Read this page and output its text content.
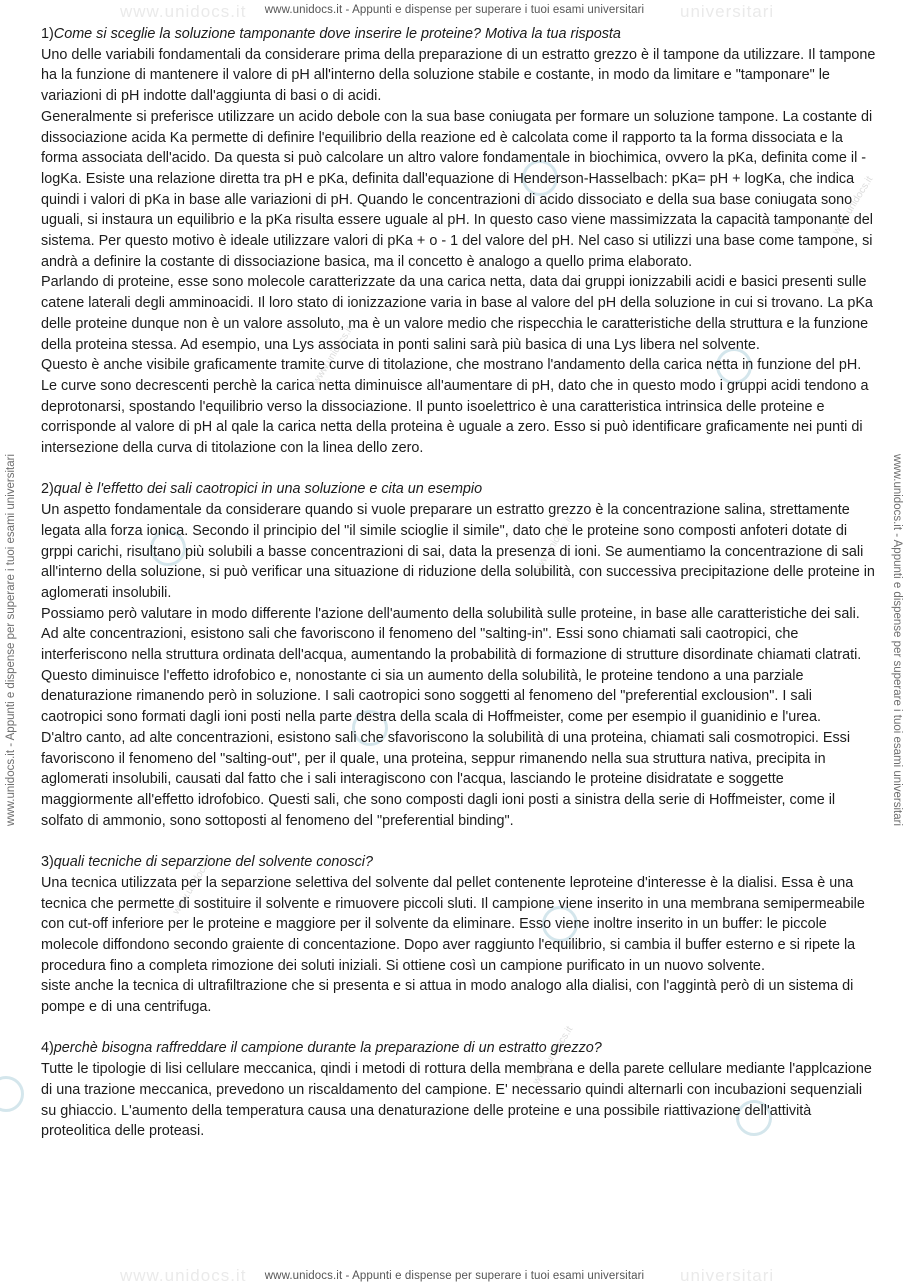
www.unidocs.it	universitari
www.unidocs.it	universitari
www.unidocs.it
www.unidocs.it
www.unidocs.it
www.unidocs.it
www.unidocs.it
www.unidocs.it - Appunti e dispense per superare i tuoi esami universitari
www.unidocs.it - Appunti e dispense per superare i tuoi esami universitari
www.unidocs.it - Appunti e dispense per superare i tuoi esami universitari	www.unidocs.it - Appunti e dispense per superare i tuoi esami universitari

1)Come si sceglie la soluzione tamponante dove inserire le proteine? Motiva la tua risposta

Uno delle variabili fondamentali da considerare prima della preparazione di un estratto grezzo è il tampone da utilizzare. Il tampone ha la funzione di mantenere il valore di pH all'interno della soluzione stabile e costante, in modo da limitare e "tamponare" le variazioni di pH indotte dall'aggiunta di basi o di acidi.

Generalmente si preferisce utilizzare un acido debole con la sua base coniugata per formare un soluzione tampone. La costante di dissociazione acida Ka permette di definire l'equilibrio della reazione ed è calcolata come il rapporto ta la forma dissociata e la forma associata dell'acido. Da questa si può calcolare un altro valore fondamentale in biochimica, ovvero la pKa, definita come il -logKa. Esiste una relazione diretta tra pH e pKa, definita dall'equazione di Henderson-Hasselbach: pKa= pH + logKa, che indica quindi i valori di pKa in base alle variazioni di pH. Quando le concentrazioni di acido dissociato e della sua base coniugata sono uguali, si instaura un equilibrio e la pKa risulta essere uguale al pH. In questo caso viene massimizzata la capacità tamponante del sistema. Per questo motivo è ideale utilizzare valori di pKa + o - 1 del valore del pH. Nel caso si utilizzi una base come tampone, si andrà a definire la costante di dissociazione basica, ma il concetto è analogo a quello prima elaborato.

Parlando di proteine, esse sono molecole caratterizzate da una carica netta, data dai gruppi ionizzabili acidi e basici presenti sulle catene laterali degli amminoacidi. Il loro stato di ionizzazione varia in base al valore del pH della soluzione in cui si trovano. La pKa delle proteine dunque non è un valore assoluto, ma è un valore medio che rispecchia le caratteristiche della struttura e la funzione della proteina stessa. Ad esempio, una Lys associata in ponti salini sarà più basica di una Lys libera nel solvente.

Questo è anche visibile graficamente tramite curve di titolazione, che mostrano l'andamento della carica netta in funzione del pH. Le curve sono decrescenti perchè la carica netta diminuisce all'aumentare di pH, dato che in questo modo i gruppi acidi tendono a deprotonarsi, spostando l'equilibrio verso la dissociazione. Il punto isoelettrico è una caratteristica intrinsica delle proteine e corrisponde al valore di pH al qale la carica netta della proteina è uguale a zero. Esso si può identificare graficamente nei punti di intersezione della curva di titolazione con la linea dello zero.

2)qual è l'effetto dei sali caotropici in una soluzione e cita un esempio

Un aspetto fondamentale da considerare quando si vuole preparare un estratto grezzo è la concentrazione salina, strettamente legata alla forza ionica. Secondo il principio del "il simile scioglie il simile", dato che le proteine sono composti anfoteri dotate di grppi carichi, risultano più solubili a basse concentrazioni di sai, data la presenza di ioni. Se aumentiamo la concentrazione di sali all'interno della soluzione, si può verificar una situazione di riduzione della solubilità, con successiva precipitazione delle proteine in aglomerati insolubili.

Possiamo però valutare in modo differente l'azione dell'aumento della solubilità sulle proteine, in base alle caratteristiche dei sali.

Ad alte concentrazioni, esistono sali che favoriscono il fenomeno del "salting-in". Essi sono chiamati sali caotropici, che interferiscono nella struttura ordinata dell'acqua, aumentando la probabilità di formazione di strutture disordinate chiamati clatrati. Questo diminuisce l'effetto idrofobico e, nonostante ci sia un aumento della solubilità, le proteine tendono a una parziale denaturazione rimanendo però in soluzione. I sali caotropici sono soggetti al fenomeno del "preferential exclousion". I sali caotropici sono formati dagli ioni posti nella parte destra della scala di Hoffmeister, come per esempio il guanidinio e l'urea.

D'altro canto, ad alte concentrazioni, esistono sali che sfavoriscono la solubilità di una proteina, chiamati sali cosmotropici. Essi favoriscono il fenomeno del "salting-out", per il quale, una proteina, seppur rimanendo nella sua struttura nativa, precipita in aglomerati insolubili, causati dal fatto che i sali interagiscono con l'acqua, lasciando le proteine disidratate e soggette maggiormente all'effetto idrofobico. Questi sali, che sono composti dagli ioni posti a sinistra della serie di Hoffmeister, come il solfato di ammonio, sono sottoposti al fenomeno del "preferential binding".

3)quali tecniche di separzione del solvente conosci?

Una tecnica utilizzata per la separzione selettiva del solvente dal pellet contenente leproteine d'interesse è la dialisi. Essa è una tecnica che permette di sostituire il solvente e rimuovere piccoli sluti. Il campione viene inserito in una membrana semipermeabile con cut-off inferiore per le proteine e maggiore per il solvente da eliminare. Esso viene inoltre inserito in un buffer: le piccole molecole diffondono secondo graiente di concentazione. Dopo aver raggiunto l'equilibrio, si cambia il buffer esterno e si ripete la procedura fino a completa rimozione dei soluti iniziali. Si ottiene così un campione purificato in un nuovo solvente.

siste anche la tecnica di ultrafiltrazione che si presenta e si attua in modo analogo alla dialisi, con l'aggintà però di un sistema di pompe e di una centrifuga.

4)perchè bisogna raffreddare il campione durante la preparazione di un estratto grezzo?

Tutte le tipologie di lisi cellulare meccanica, qindi i metodi di rottura della membrana e della parete cellulare mediante l'applcazione di una trazione meccanica, prevedono un riscaldamento del campione. E' necessario quindi alternarli con incubazioni sequenziali su ghiaccio. L'aumento della temperatura causa una denaturazione delle proteine e una possibile riattivazione dell'attività proteolitica delle proteasi.
